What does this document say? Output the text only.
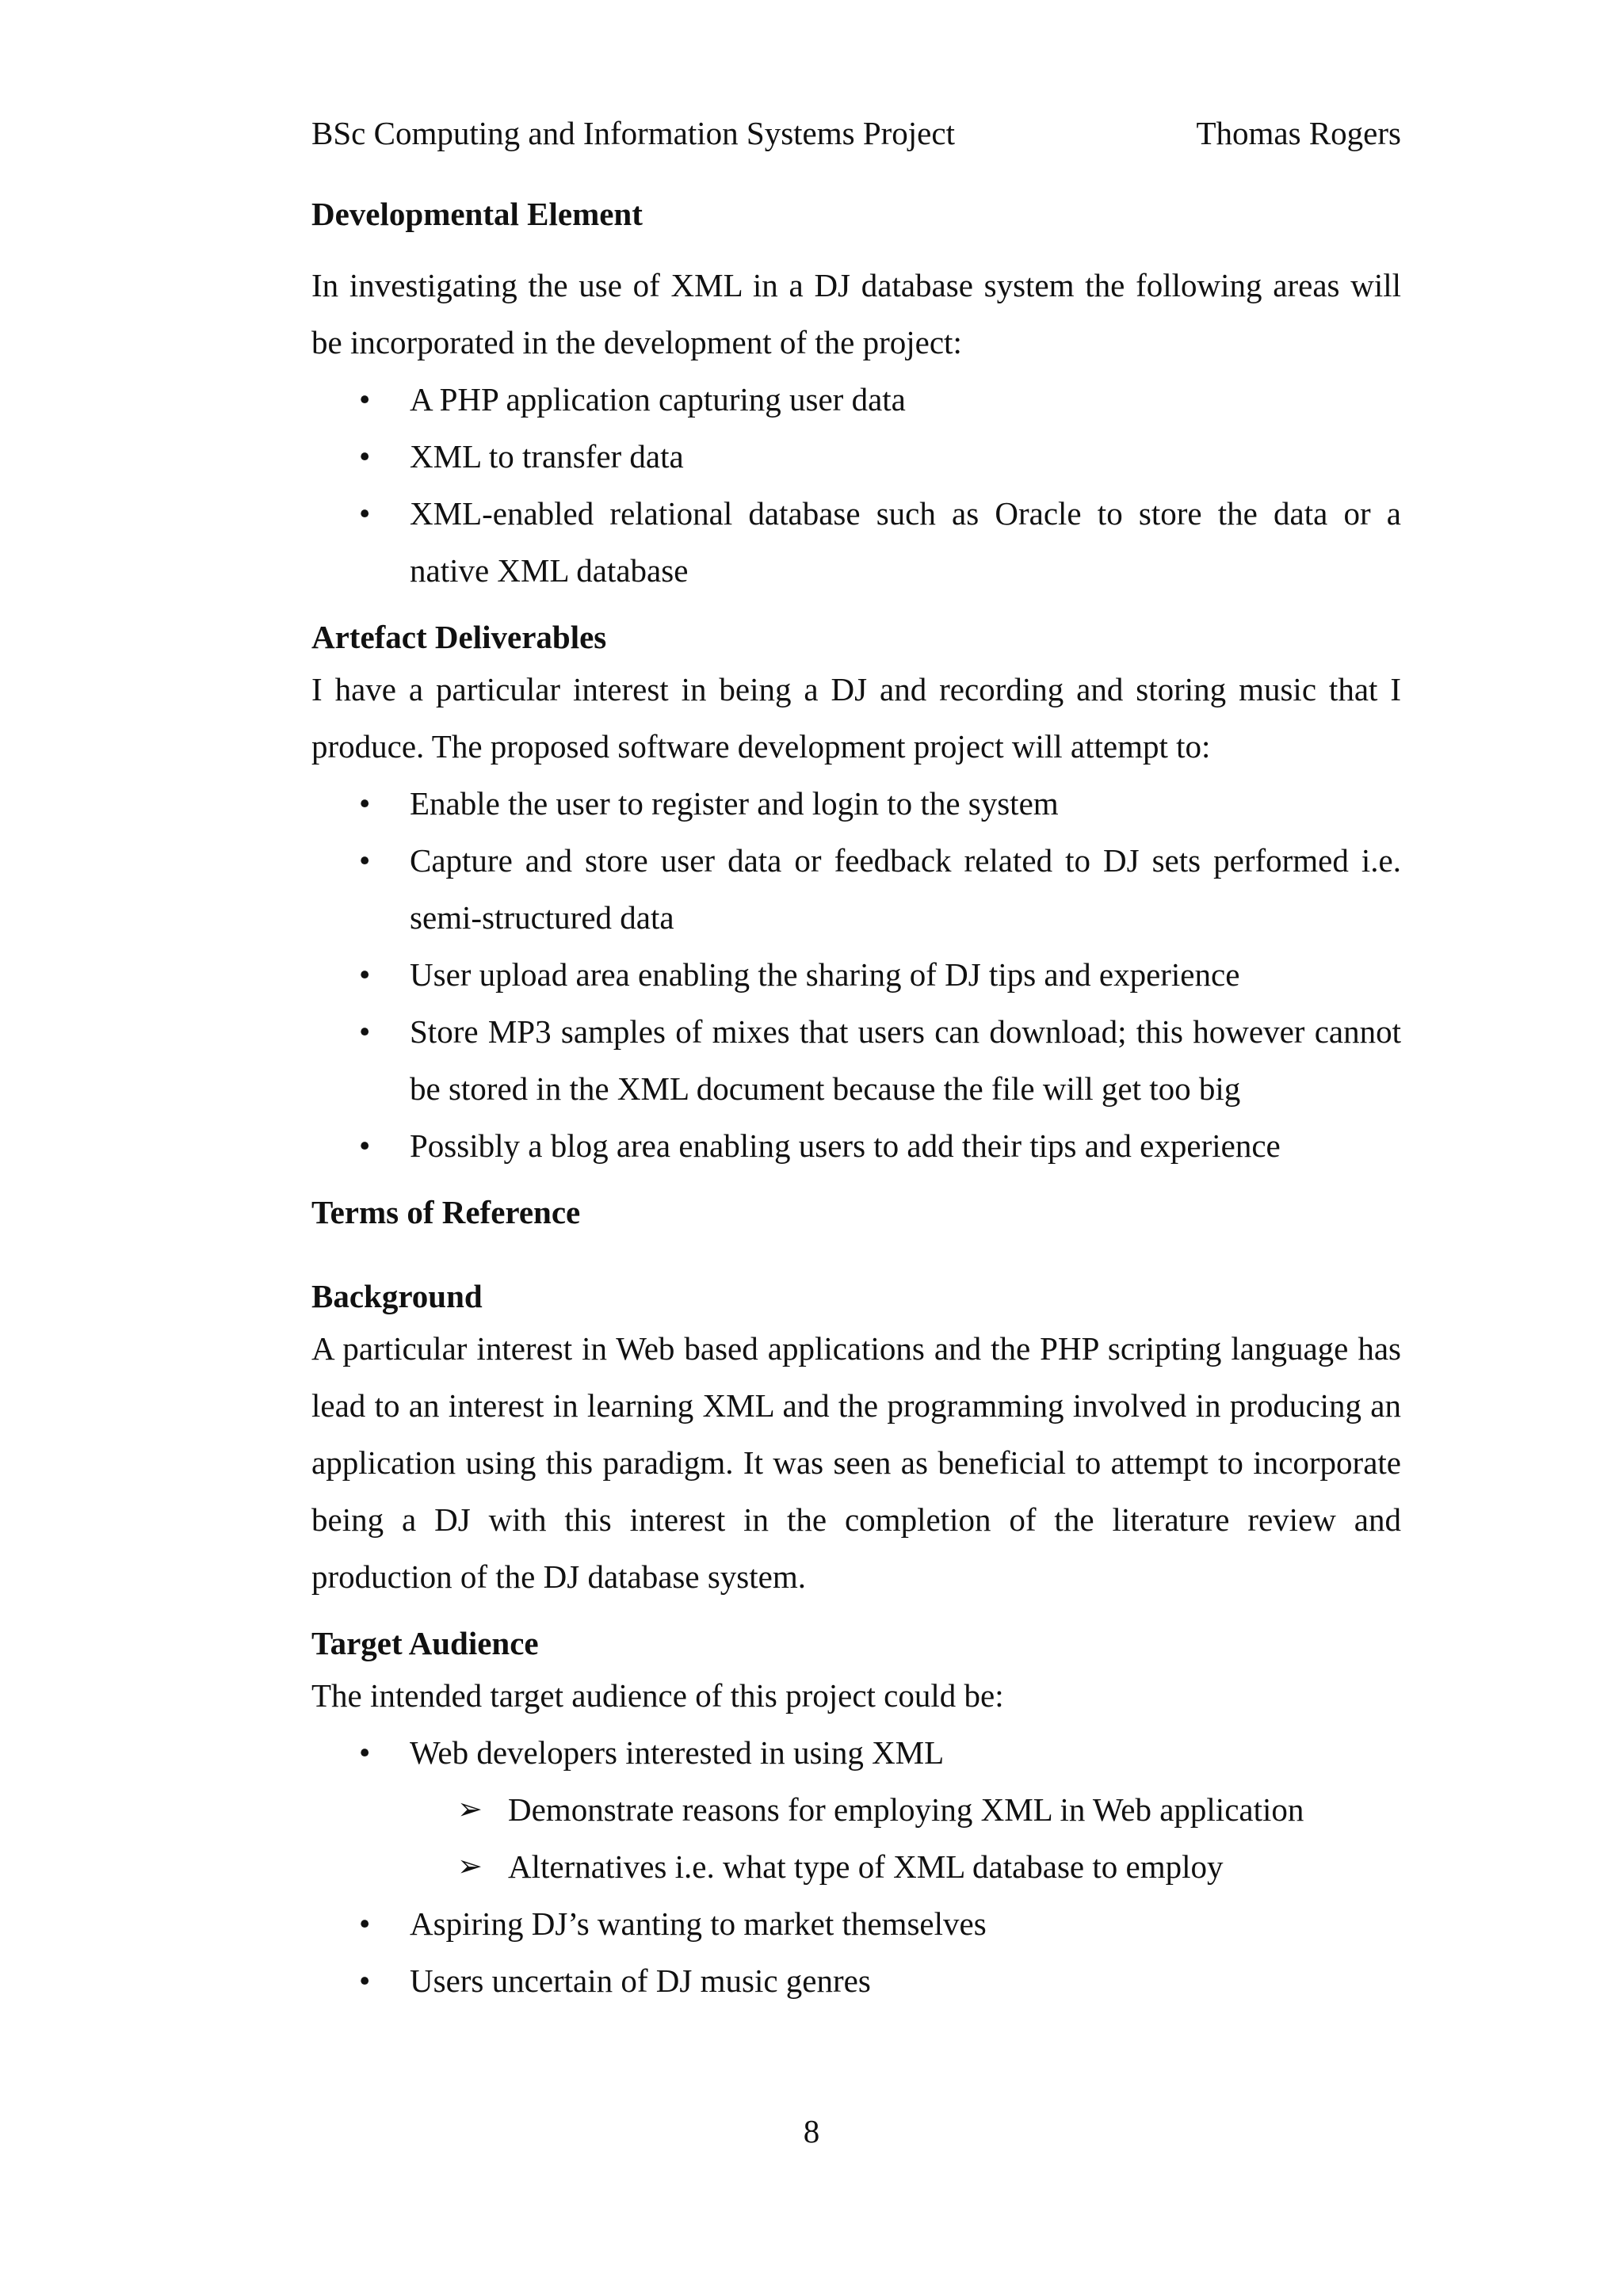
BSc Computing and Information Systems Project	Thomas Rogers
Developmental Element

In investigating the use of XML in a DJ database system the following areas will be incorporated in the development of the project:

• A PHP application capturing user data
• XML to transfer data
• XML-enabled relational database such as Oracle to store the data or a native XML database
Artefact Deliverables

I have a particular interest in being a DJ and recording and storing music that I produce. The proposed software development project will attempt to:

• Enable the user to register and login to the system
• Capture and store user data or feedback related to DJ sets performed i.e. semi-structured data
• User upload area enabling the sharing of DJ tips and experience
• Store MP3 samples of mixes that users can download; this however cannot be stored in the XML document because the file will get too big
• Possibly a blog area enabling users to add their tips and experience
Terms of Reference
Background

A particular interest in Web based applications and the PHP scripting language has lead to an interest in learning XML and the programming involved in producing an application using this paradigm. It was seen as beneficial to attempt to incorporate being a DJ with this interest in the completion of the literature review and production of the DJ database system.

Target Audience

The intended target audience of this project could be:

• Web developers interested in using XML
➢ Demonstrate reasons for employing XML in Web application
➢ Alternatives i.e. what type of XML database to employ
• Aspiring DJ’s wanting to market themselves
• Users uncertain of DJ music genres
8
